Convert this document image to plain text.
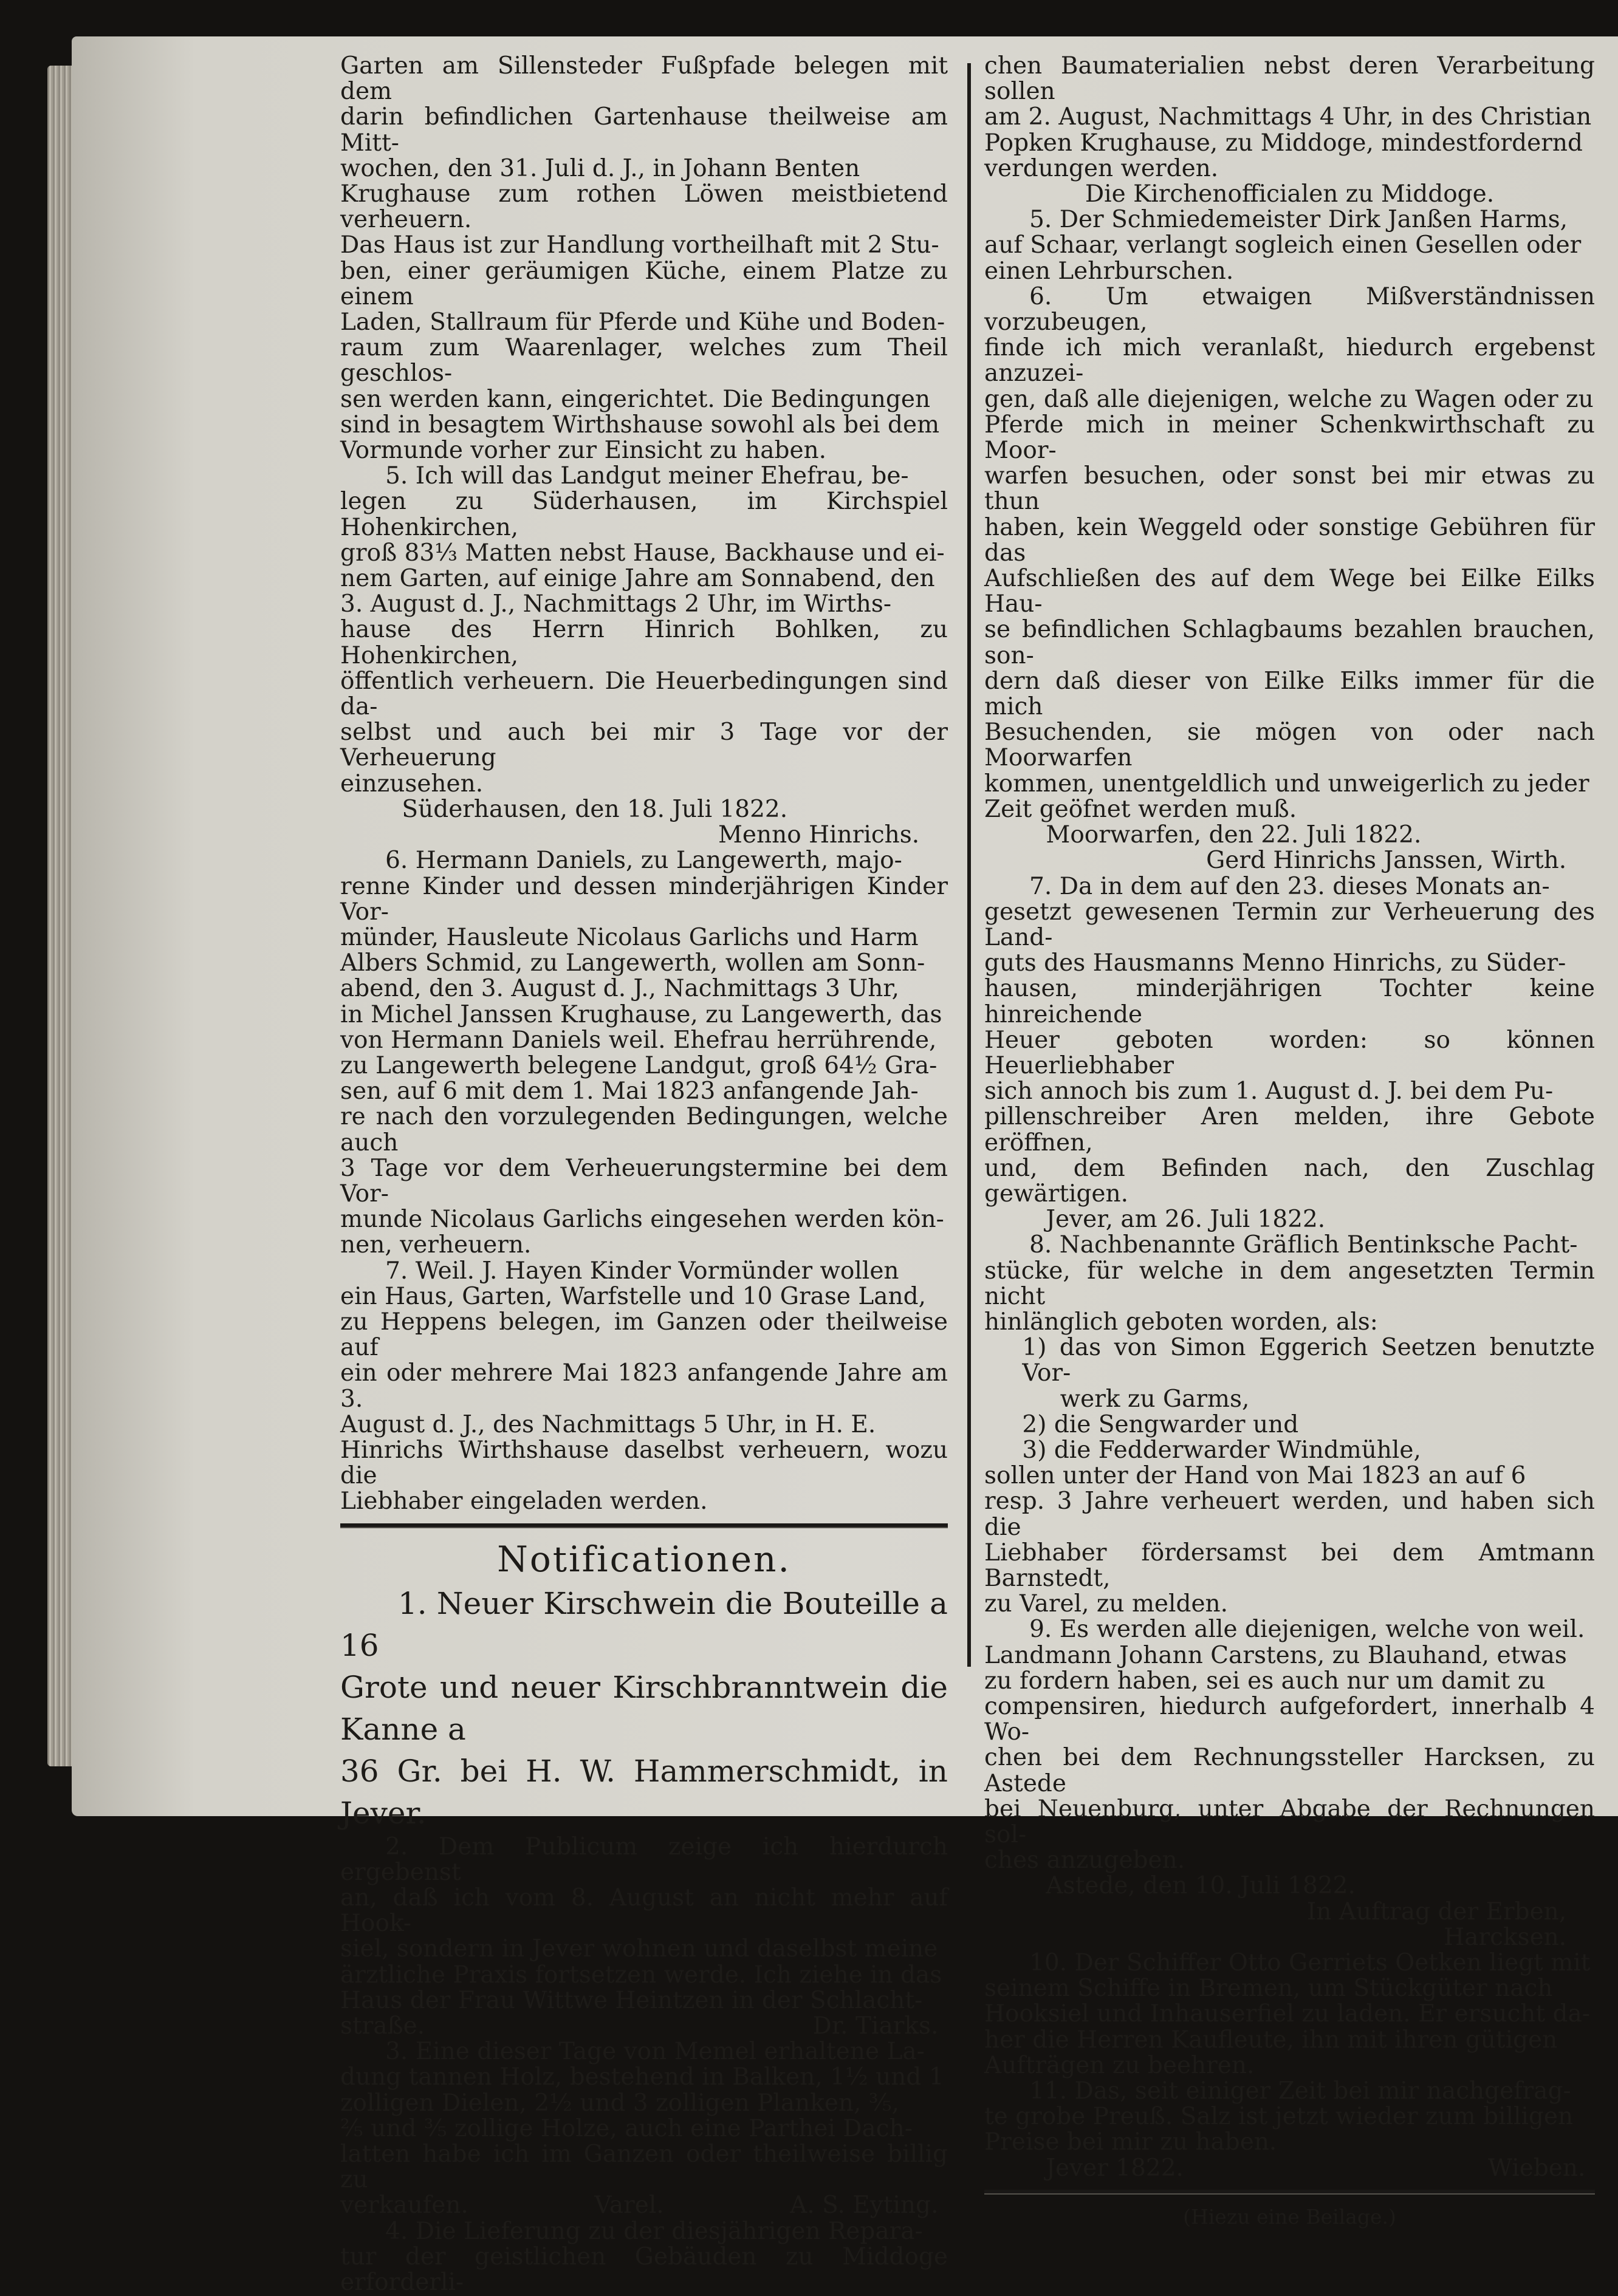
Garten am Sillensteder Fußpfade belegen mit dem

darin befindlichen Gartenhause theilweise am Mitt-

wochen, den 31. Juli d. J., in Johann Benten

Krughause zum rothen Löwen meistbietend verheuern.

Das Haus ist zur Handlung vortheilhaft mit 2 Stu-

ben, einer geräumigen Küche, einem Platze zu einem

Laden, Stallraum für Pferde und Kühe und Boden-

raum zum Waarenlager, welches zum Theil geschlos-

sen werden kann, eingerichtet. Die Bedingungen

sind in besagtem Wirthshause sowohl als bei dem

Vormunde vorher zur Einsicht zu haben.

5. Ich will das Landgut meiner Ehefrau, be-

legen zu Süderhausen, im Kirchspiel Hohenkirchen,

groß 83⅓ Matten nebst Hause, Backhause und ei-

nem Garten, auf einige Jahre am Sonnabend, den

3. August d. J., Nachmittags 2 Uhr, im Wirths-

hause des Herrn Hinrich Bohlken, zu Hohenkirchen,

öffentlich verheuern. Die Heuerbedingungen sind da-

selbst und auch bei mir 3 Tage vor der Verheuerung

einzusehen.

Süderhausen, den 18. Juli 1822.

Menno Hinrichs.

6. Hermann Daniels, zu Langewerth, majo-

renne Kinder und dessen minderjährigen Kinder Vor-

münder, Hausleute Nicolaus Garlichs und Harm

Albers Schmid, zu Langewerth, wollen am Sonn-

abend, den 3. August d. J., Nachmittags 3 Uhr,

in Michel Janssen Krughause, zu Langewerth, das

von Hermann Daniels weil. Ehefrau herrührende,

zu Langewerth belegene Landgut, groß 64½ Gra-

sen, auf 6 mit dem 1. Mai 1823 anfangende Jah-

re nach den vorzulegenden Bedingungen, welche auch

3 Tage vor dem Verheuerungstermine bei dem Vor-

munde Nicolaus Garlichs eingesehen werden kön-

nen, verheuern.

7. Weil. J. Hayen Kinder Vormünder wollen

ein Haus, Garten, Warfstelle und 10 Grase Land,

zu Heppens belegen, im Ganzen oder theilweise auf

ein oder mehrere Mai 1823 anfangende Jahre am 3.

August d. J., des Nachmittags 5 Uhr, in H. E.

Hinrichs Wirthshause daselbst verheuern, wozu die

Liebhaber eingeladen werden.

Notificationen.

1. Neuer Kirschwein die Bouteille a 16

Grote und neuer Kirschbranntwein die Kanne a

36 Gr. bei H. W. Hammerschmidt, in Jever.

2. Dem Publicum zeige ich hierdurch ergebenst

an, daß ich vom 8. August an nicht mehr auf Hook-

siel, sondern in Jever wohnen und daselbst meine

ärztliche Praxis fortsetzen werde. Ich ziehe in das

Haus der Frau Wittwe Heintzen in der Schlacht-

straße.	Dr. Tiarks.

3. Eine dieser Tage von Memel erhaltene La-

dung tannen Holz, bestehend in Balken, 1½ und 1

zolligen Dielen, 2½ und 3 zolligen Planken, ⅗,

⅖ und ⅗ zollige Holze, auch eine Parthei Dach-

latten habe ich im Ganzen oder theilweise billig zu

verkaufen.	Varel.	A. S. Eyting.

4. Die Lieferung zu der diesjährigen Repara-

tur der geistlichen Gebäuden zu Middoge erforderli-

chen Baumaterialien nebst deren Verarbeitung sollen

am 2. August, Nachmittags 4 Uhr, in des Christian

Popken Krughause, zu Middoge, mindestfordernd

verdungen werden.

Die Kirchenofficialen zu Middoge.

5. Der Schmiedemeister Dirk Janßen Harms,

auf Schaar, verlangt sogleich einen Gesellen oder

einen Lehrburschen.

6. Um etwaigen Mißverständnissen vorzubeugen,

finde ich mich veranlaßt, hiedurch ergebenst anzuzei-

gen, daß alle diejenigen, welche zu Wagen oder zu

Pferde mich in meiner Schenkwirthschaft zu Moor-

warfen besuchen, oder sonst bei mir etwas zu thun

haben, kein Weggeld oder sonstige Gebühren für das

Aufschließen des auf dem Wege bei Eilke Eilks Hau-

se befindlichen Schlagbaums bezahlen brauchen, son-

dern daß dieser von Eilke Eilks immer für die mich

Besuchenden, sie mögen von oder nach Moorwarfen

kommen, unentgeldlich und unweigerlich zu jeder

Zeit geöfnet werden muß.

Moorwarfen, den 22. Juli 1822.

Gerd Hinrichs Janssen, Wirth.

7. Da in dem auf den 23. dieses Monats an-

gesetzt gewesenen Termin zur Verheuerung des Land-

guts des Hausmanns Menno Hinrichs, zu Süder-

hausen, minderjährigen Tochter keine hinreichende

Heuer geboten worden: so können Heuerliebhaber

sich annoch bis zum 1. August d. J. bei dem Pu-

pillenschreiber Aren melden, ihre Gebote eröffnen,

und, dem Befinden nach, den Zuschlag gewärtigen.

Jever, am 26. Juli 1822.

8. Nachbenannte Gräflich Bentinksche Pacht-

stücke, für welche in dem angesetzten Termin nicht

hinlänglich geboten worden, als:

1) das von Simon Eggerich Seetzen benutzte Vor-

werk zu Garms,

2) die Sengwarder und

3) die Fedderwarder Windmühle,

sollen unter der Hand von Mai 1823 an auf 6

resp. 3 Jahre verheuert werden, und haben sich die

Liebhaber fördersamst bei dem Amtmann Barnstedt,

zu Varel, zu melden.

9. Es werden alle diejenigen, welche von weil.

Landmann Johann Carstens, zu Blauhand, etwas

zu fordern haben, sei es auch nur um damit zu

compensiren, hiedurch aufgefordert, innerhalb 4 Wo-

chen bei dem Rechnungssteller Harcksen, zu Astede

bei Neuenburg, unter Abgabe der Rechnungen sol-

ches anzugeben.

Astede, den 10. Juli 1822.

In Auftrag der Erben,

Harcksen.

10. Der Schiffer Otto Gerriets Oetken liegt mit

seinem Schiffe in Bremen, um Stückgüter nach

Hooksiel und Inhauserfiel zu laden. Er ersucht da-

her die Herren Kaufleute, ihn mit ihren gütigen

Aufträgen zu beehren.

11. Das, seit einiger Zeit bei mir nachgefrag-

te grobe Preuß. Salz ist jetzt wieder zum billigen

Preise bei mir zu haben.

Jever 1822.	Wieben.

(Hiezu eine Beilage.)
